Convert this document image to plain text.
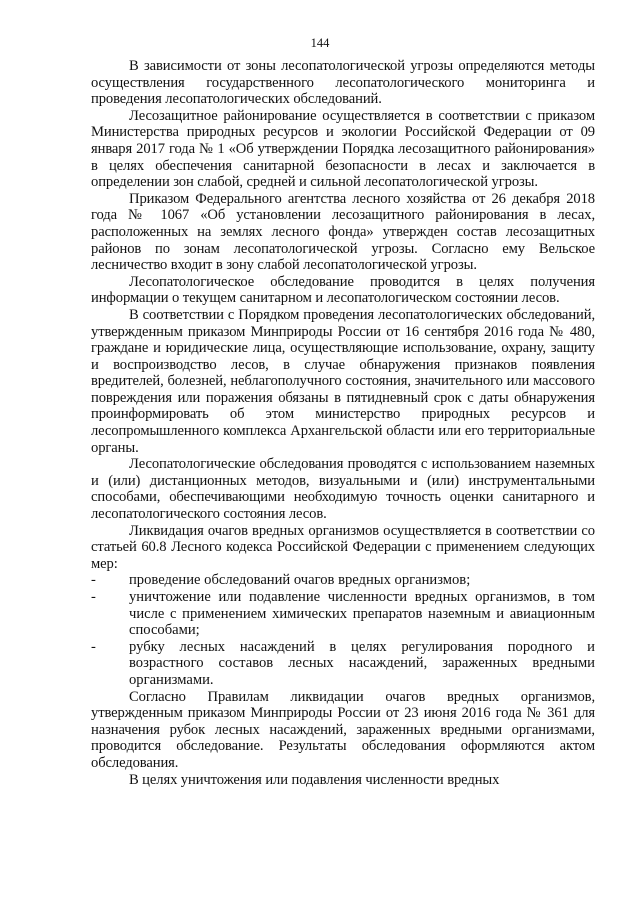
144

В зависимости от зоны лесопатологической угрозы определяются методы осуществления государственного лесопатологического мониторинга и проведения лесопатологических обследований.

Лесозащитное районирование осуществляется в соответствии с приказом Министерства природных ресурсов и экологии Российской Федерации от 09 января 2017 года № 1 «Об утверждении Порядка лесозащитного районирования» в целях обеспечения санитарной безопасности в лесах и заключается в определении зон слабой, средней и сильной лесопатологической угрозы.

Приказом Федерального агентства лесного хозяйства от 26 декабря 2018 года № 1067 «Об установлении лесозащитного районирования в лесах, расположенных на землях лесного фонда» утвержден состав лесозащитных районов по зонам лесопатологической угрозы. Согласно ему Вельское лесничество входит в зону слабой лесопатологической угрозы.

Лесопатологическое обследование проводится в целях получения информации о текущем санитарном и лесопатологическом состоянии лесов.

В соответствии с Порядком проведения лесопатологических обследований, утвержденным приказом Минприроды России от 16 сентября 2016 года № 480, граждане и юридические лица, осуществляющие использование, охрану, защиту и воспроизводство лесов, в случае обнаружения признаков появления вредителей, болезней, неблагополучного состояния, значительного или массового повреждения или поражения обязаны в пятидневный срок с даты обнаружения проинформировать об этом министерство природных ресурсов и лесопромышленного комплекса Архангельской области или его территориальные органы.

Лесопатологические обследования проводятся с использованием наземных и (или) дистанционных методов, визуальными и (или) инструментальными способами, обеспечивающими необходимую точность оценки санитарного и лесопатологического состояния лесов.

Ликвидация очагов вредных организмов осуществляется в соответствии со статьей 60.8 Лесного кодекса Российской Федерации с применением следующих мер:

- проведение обследований очагов вредных организмов;

- уничтожение или подавление численности вредных организмов, в том числе с применением химических препаратов наземным и авиационным способами;

- рубку лесных насаждений в целях регулирования породного и возрастного составов лесных насаждений, зараженных вредными организмами.

Согласно Правилам ликвидации очагов вредных организмов, утвержденным приказом Минприроды России от 23 июня 2016 года № 361 для назначения рубок лесных насаждений, зараженных вредными организмами, проводится обследование. Результаты обследования оформляются актом обследования.

В целях уничтожения или подавления численности вредных
